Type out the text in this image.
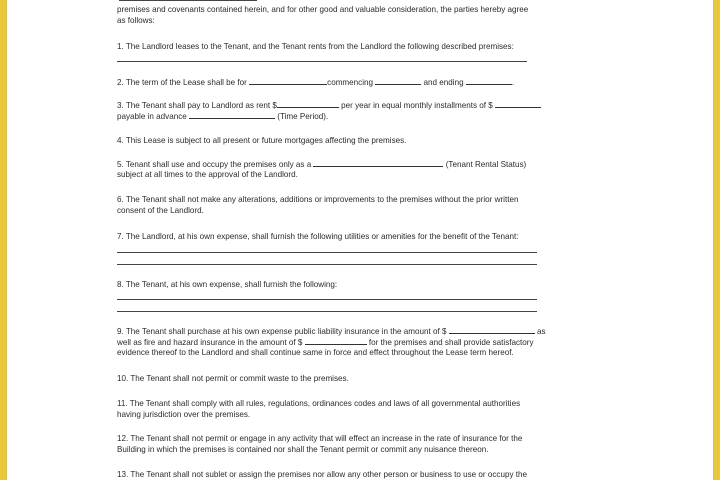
premises and covenants contained herein, and for other good and valuable consideration, the parties hereby agree

as follows:

1. The Landlord leases to the Tenant, and the Tenant rents from the Landlord the following described premises:

2. The term of the Lease shall be for	commencing	and ending	.

3. The Tenant shall pay to Landlord as rent $	per year in equal monthly installments of $

payable in advance	(Time Period).

4. This Lease is subject to all present or future mortgages affecting the premises.

5. Tenant shall use and occupy the premises only as a	(Tenant Rental Status)

subject at all times to the approval of the Landlord.

6. The Tenant shall not make any alterations, additions or improvements to the premises without the prior written

consent of the Landlord.

7. The Landlord, at his own expense, shall furnish the following utilities or amenities for the benefit of the Tenant:

8. The Tenant, at his own expense, shall furnish the following:

9. The Tenant shall purchase at his own expense public liability insurance in the amount of $	as

well as fire and hazard insurance in the amount of $	for the premises and shall provide satisfactory

evidence thereof to the Landlord and shall continue same in force and effect throughout the Lease term hereof.

10. The Tenant shall not permit or commit waste to the premises.

11. The Tenant shall comply with all rules, regulations, ordinances codes and laws of all governmental authorities

having jurisdiction over the premises.

12. The Tenant shall not permit or engage in any activity that will effect an increase in the rate of insurance for the

Building in which the premises is contained nor shall the Tenant permit or commit any nuisance thereon.

13. The Tenant shall not sublet or assign the premises nor allow any other person or business to use or occupy the
